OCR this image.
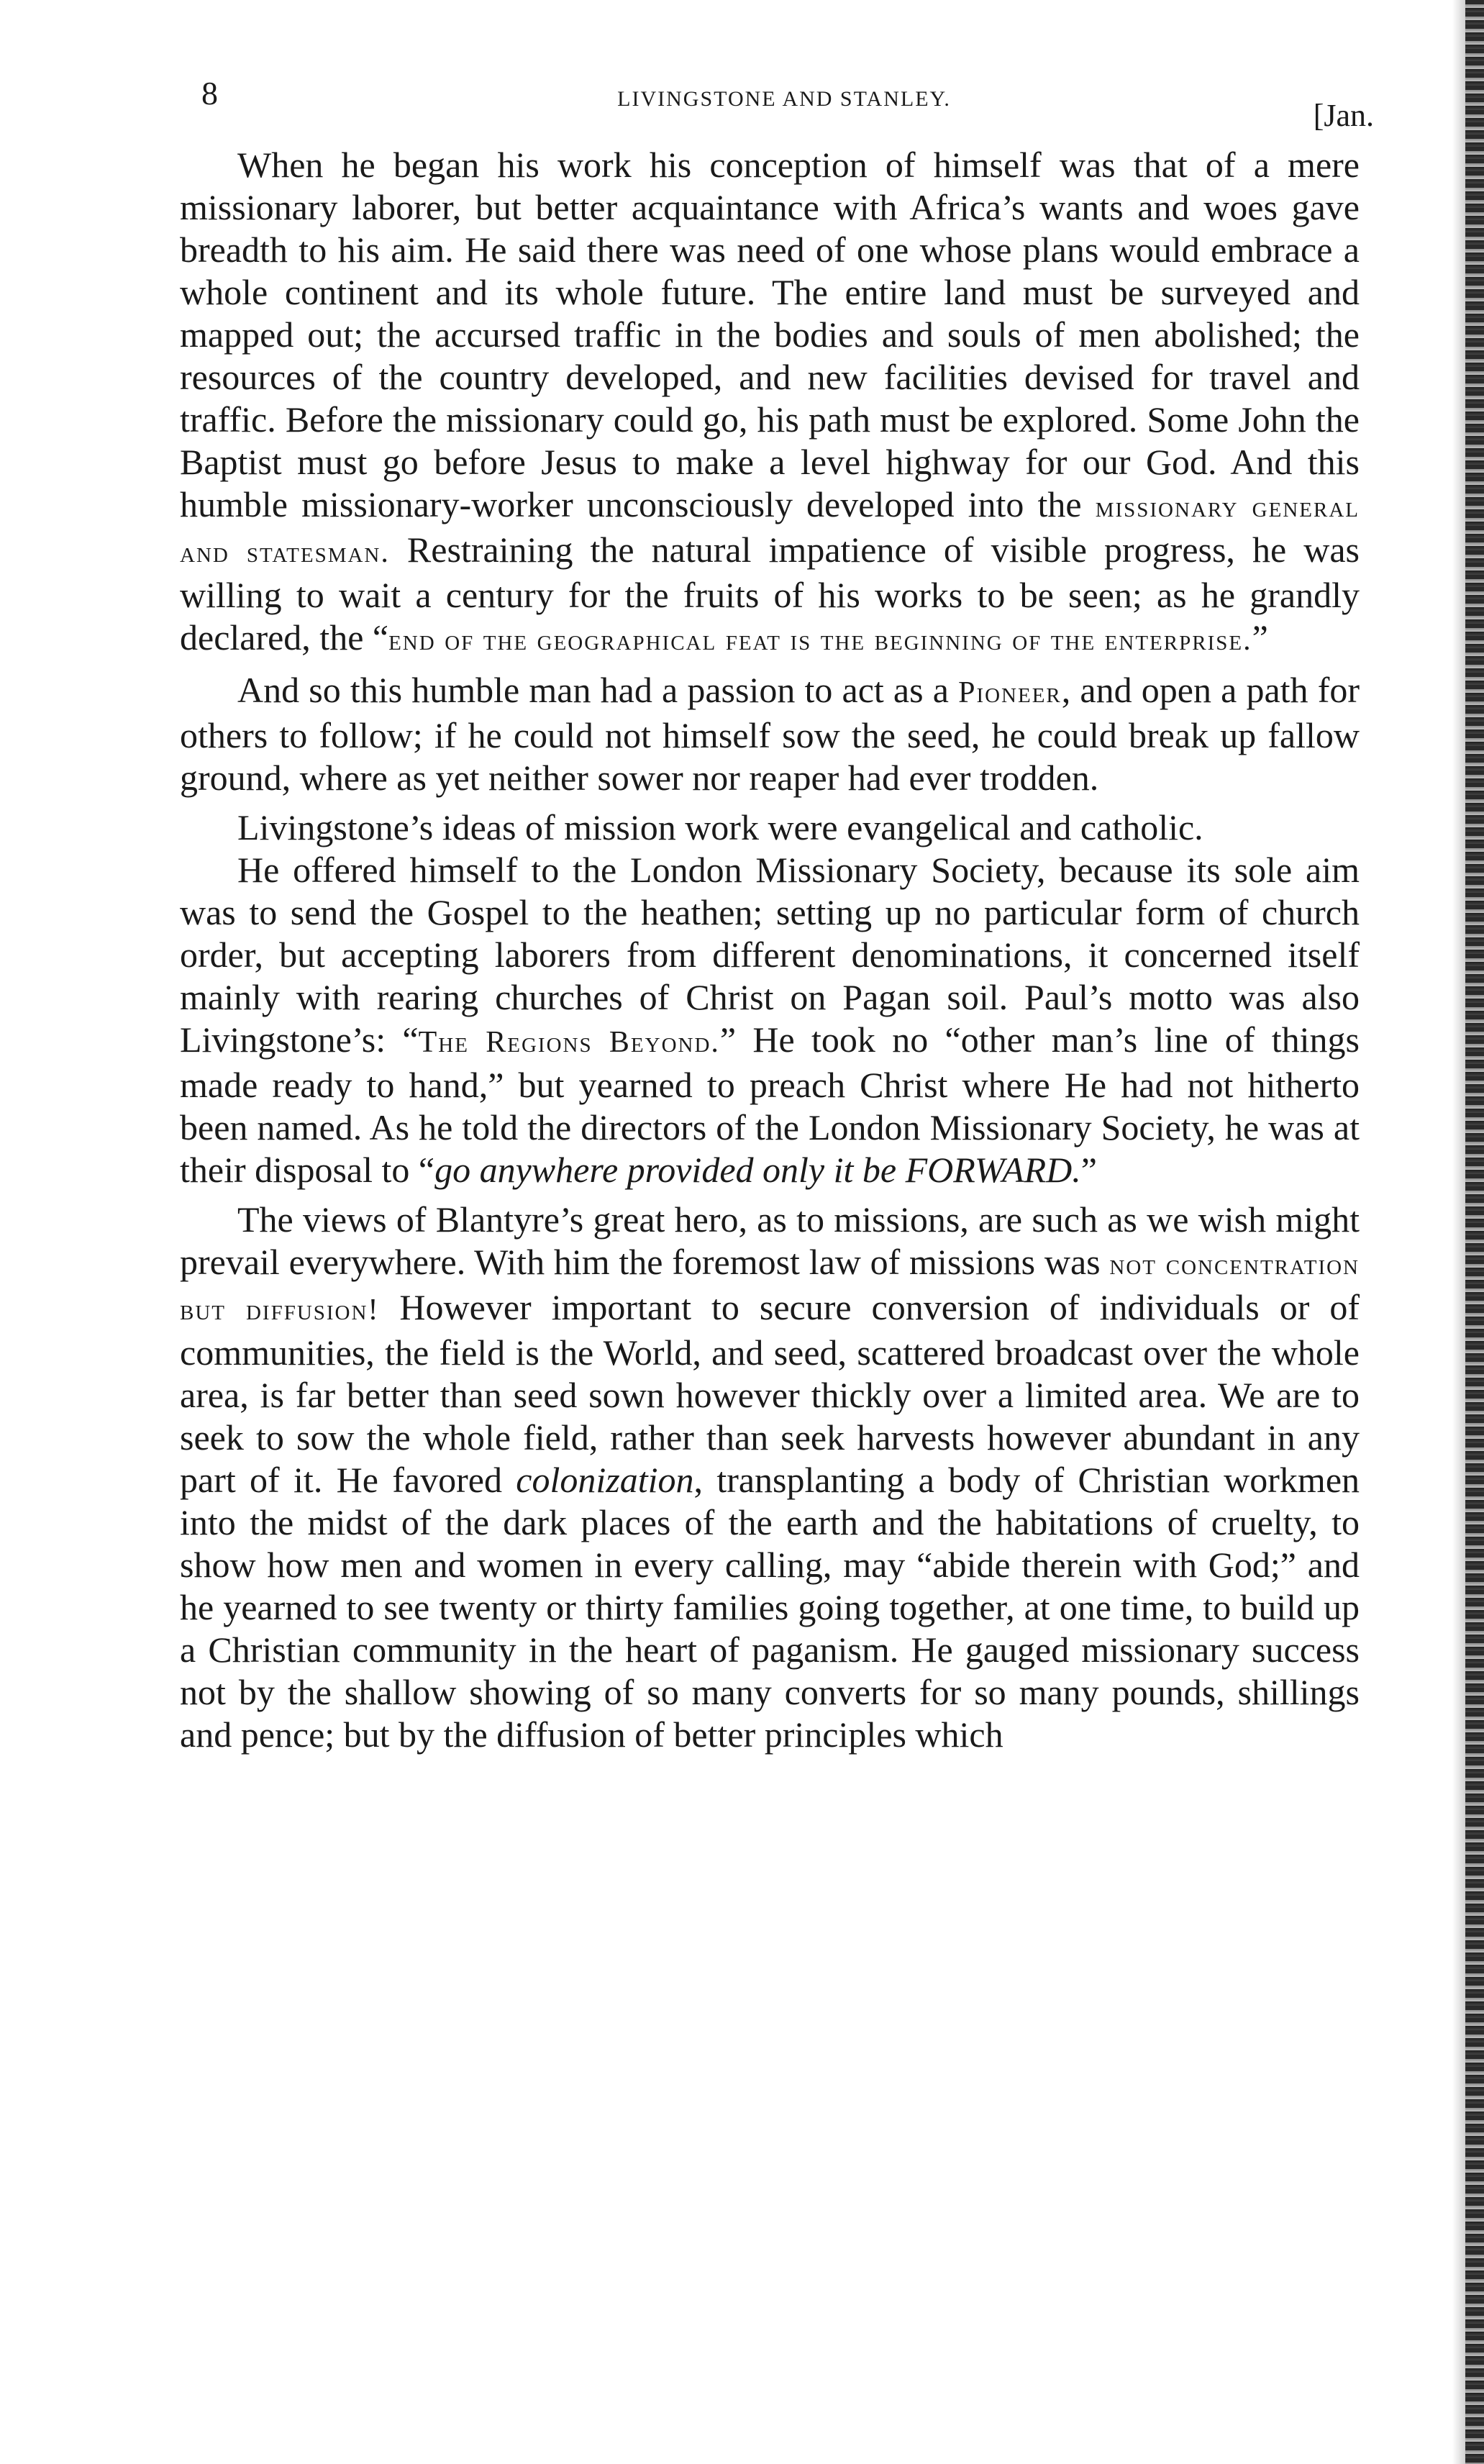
8	LIVINGSTONE AND STANLEY.	[Jan.

When he began his work his conception of himself was that of a mere missionary laborer, but better acquaintance with Africa’s wants and woes gave breadth to his aim. He said there was need of one whose plans would embrace a whole continent and its whole future. The entire land must be surveyed and mapped out; the accursed traffic in the bodies and souls of men abolished; the resources of the country developed, and new facilities devised for travel and traffic. Before the missionary could go, his path must be explored. Some John the Baptist must go before Jesus to make a level highway for our God. And this humble missionary-worker unconsciously developed into the missionary general and statesman. Restraining the natural impatience of visible progress, he was willing to wait a century for the fruits of his works to be seen; as he grandly declared, the “end of the geographical feat is the beginning of the enterprise.”

And so this humble man had a passion to act as a Pioneer, and open a path for others to follow; if he could not himself sow the seed, he could break up fallow ground, where as yet neither sower nor reaper had ever trodden.

Livingstone’s ideas of mission work were evangelical and catholic.

He offered himself to the London Missionary Society, because its sole aim was to send the Gospel to the heathen; setting up no particular form of church order, but accepting laborers from different denominations, it concerned itself mainly with rearing churches of Christ on Pagan soil. Paul’s motto was also Livingstone’s: “The Regions Beyond.” He took no “other man’s line of things made ready to hand,” but yearned to preach Christ where He had not hitherto been named. As he told the directors of the London Missionary Society, he was at their disposal to “go anywhere provided only it be FORWARD.”

The views of Blantyre’s great hero, as to missions, are such as we wish might prevail everywhere. With him the foremost law of missions was not concentration but diffusion! However important to secure conversion of individuals or of communities, the field is the World, and seed, scattered broadcast over the whole area, is far better than seed sown however thickly over a limited area. We are to seek to sow the whole field, rather than seek harvests however abundant in any part of it. He favored colonization, transplanting a body of Christian workmen into the midst of the dark places of the earth and the habitations of cruelty, to show how men and women in every calling, may “abide therein with God;” and he yearned to see twenty or thirty families going together, at one time, to build up a Christian community in the heart of paganism. He gauged missionary success not by the shallow showing of so many converts for so many pounds, shillings and pence; but by the diffusion of better principles which
